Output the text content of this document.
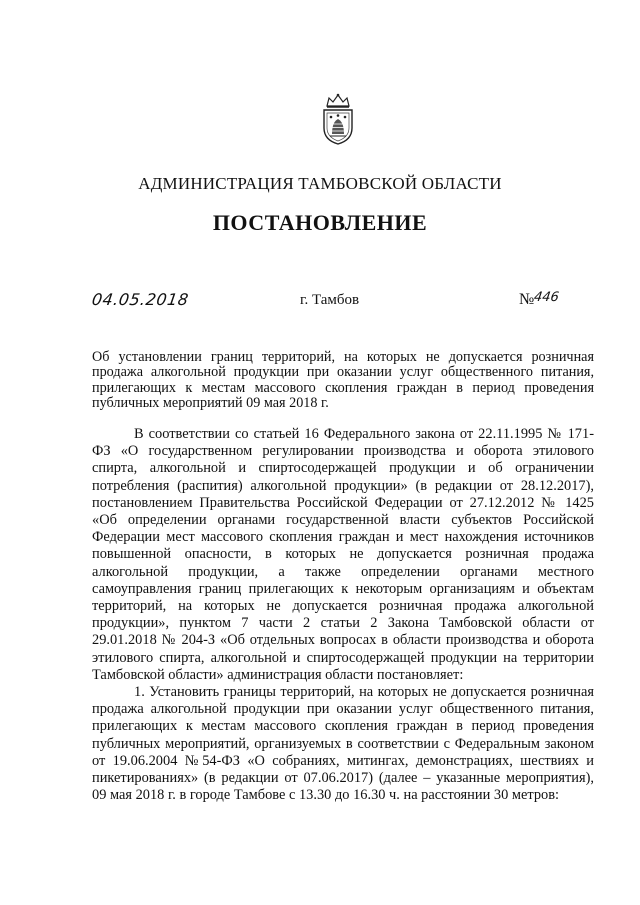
АДМИНИСТРАЦИЯ ТАМБОВСКОЙ ОБЛАСТИ
ПОСТАНОВЛЕНИЕ
04.05.2018	г. Тамбов	№446
Об установлении границ территорий, на которых не допускается розничная продажа алкогольной продукции при оказании услуг общественного питания, прилегающих к местам массового скопления граждан в период проведения публичных мероприятий 09 мая 2018 г.

В соответствии со статьей 16 Федерального закона от 22.11.1995 № 171-ФЗ «О государственном регулировании производства и оборота этилового спирта, алкогольной и спиртосодержащей продукции и об ограничении потребления (распития) алкогольной продукции» (в редакции от 28.12.2017), постановлением Правительства Российской Федерации от 27.12.2012 № 1425 «Об определении органами государственной власти субъектов Российской Федерации мест массового скопления граждан и мест нахождения источников повышенной опасности, в которых не допускается розничная продажа алкогольной продукции, а также определении органами местного самоуправления границ прилегающих к некоторым организациям и объектам территорий, на которых не допускается розничная продажа алкогольной продукции», пунктом 7 части 2 статьи 2 Закона Тамбовской области от 29.01.2018 № 204-З «Об отдельных вопросах в области производства и оборота этилового спирта, алкогольной и спиртосодержащей продукции на территории Тамбовской области» администрация области постановляет:

1. Установить границы территорий, на которых не допускается розничная продажа алкогольной продукции при оказании услуг общественного питания, прилегающих к местам массового скопления граждан в период проведения публичных мероприятий, организуемых в соответствии с Федеральным законом от 19.06.2004 №54-ФЗ «О собраниях, митингах, демонстрациях, шествиях и пикетированиях» (в редакции от 07.06.2017) (далее – указанные мероприятия), 09 мая 2018 г. в городе Тамбове с 13.30 до 16.30 ч. на расстоянии 30 метров:
